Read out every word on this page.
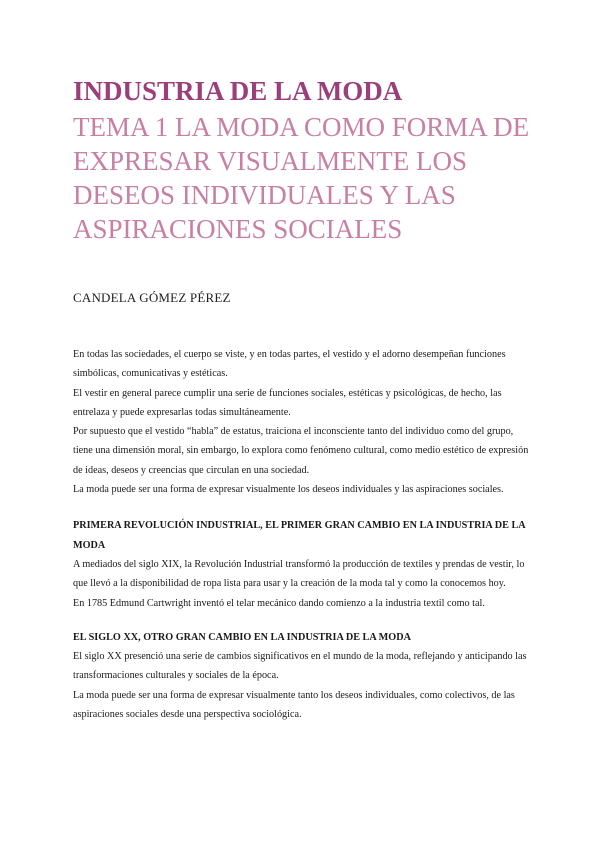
INDUSTRIA DE LA MODA
TEMA 1 LA MODA COMO FORMA DE EXPRESAR VISUALMENTE LOS DESEOS INDIVIDUALES Y LAS ASPIRACIONES SOCIALES
CANDELA GÓMEZ PÉREZ

En todas las sociedades, el cuerpo se viste, y en todas partes, el vestido y el adorno desempeñan funciones simbólicas, comunicativas y estéticas.

El vestir en general parece cumplir una serie de funciones sociales, estéticas y psicológicas, de hecho, las entrelaza y puede expresarlas todas simultáneamente.

Por supuesto que el vestido “habla” de estatus, traiciona el inconsciente tanto del individuo como del grupo, tiene una dimensión moral, sin embargo, lo explora como fenómeno cultural, como medio estético de expresión de ideas, deseos y creencias que circulan en una sociedad.

La moda puede ser una forma de expresar visualmente los deseos individuales y las aspiraciones sociales.

PRIMERA REVOLUCIÓN INDUSTRIAL, EL PRIMER GRAN CAMBIO EN LA INDUSTRIA DE LA MODA

A mediados del siglo XIX, la Revolución Industrial transformó la producción de textiles y prendas de vestir, lo que llevó a la disponibilidad de ropa lista para usar y la creación de la moda tal y como la conocemos hoy.

En 1785 Edmund Cartwright inventó el telar mecánico dando comienzo a la industria textil como tal.

EL SIGLO XX, OTRO GRAN CAMBIO EN LA INDUSTRIA DE LA MODA

El siglo XX presenció una serie de cambios significativos en el mundo de la moda, reflejando y anticipando las transformaciones culturales y sociales de la época.

La moda puede ser una forma de expresar visualmente tanto los deseos individuales, como colectivos, de las aspiraciones sociales desde una perspectiva sociológica.
